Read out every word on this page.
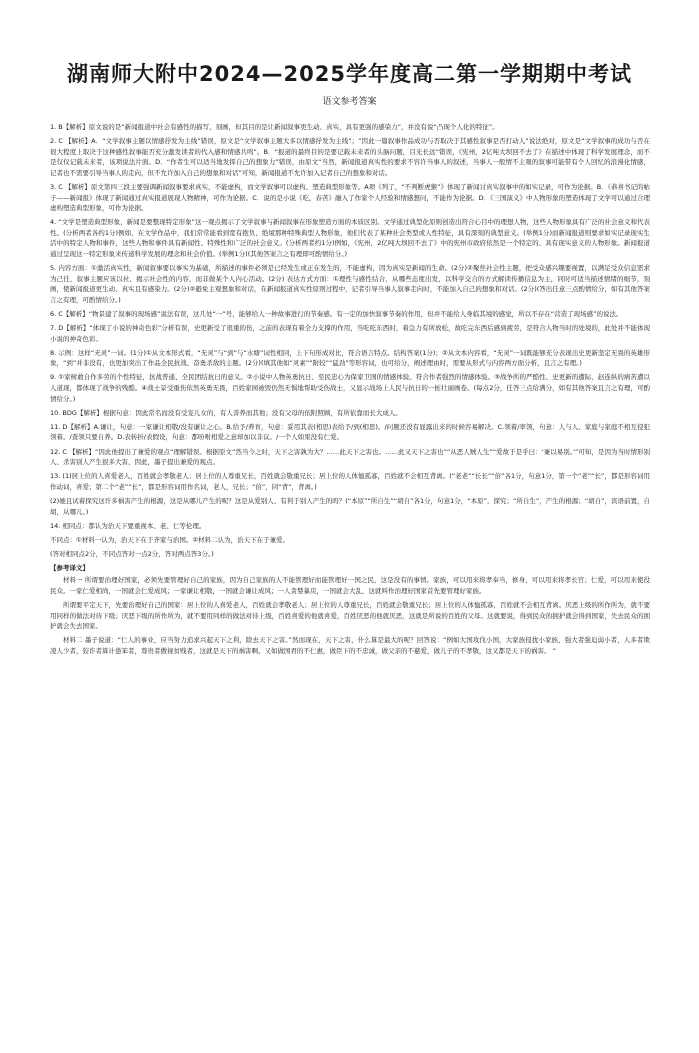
湖南师大附中2024—2025学年度高二第一学期期中考试
语文参考答案

1. B【解析】原文说的是“新闻报道中社会有感性的描写、刻画，但其目的是让新闻叙事更生动、真实，具有更强的感染力”，并没有说“凸现个人化的特征”。

2. C 【解析】A．“文学叙事主题以情感抒发为主线”错误，原文是“文学叙事主题大多以情感抒发为主线”；“因此一篇叙事作品成功与否取决于其感性叙事是否打动人”说法绝对，原文是“文学叙事的成功与否在很大程度上取决于这种感性叙事能否充分激发读者的代入感和情感共鸣”。B．“报道的最终目的是要记载未来者的头脑问题，目光长远”错误，《宪州，2亿吨大坝回不去了》在描述中体现了科学发展理念，而不是仅仅记载未来者，该项说法片面。D．“作者生可以适当地发挥自己的想象力”错误，由原文“当然，新闻报道真实性的要求不容许当事人的叙述，当事人一般情不主观的叙事可能带有个人回忆的浪漫化情感，记者也不需要引导当事人的走向，但不允许加入自己的想象和对话”可知，新闻报道不允许加入记者自己的想象和对话。

3. C 【解析】原文第四三段主要强调新闻叙事要求真实，不能虚构，而文学叙事可以虚构、塑造典型形象等。A项《列了，“不判断虎猴”》体现了新闻讨真实叙事中的如实记录，可作为论据。B．《恭喜书记的帖子——新闻报》体现了新闻通过真实报道展现人物精神，可作为论据。C．说的是小说《吃，春苦》融入了作家个人经验和情感想问，不能作为论据。D．《三国演义》中人物形象的塑造体现了文学可以通过合理虚构塑造典型形象，可作为论据。

4. “文学是塑造典型形象，新闻是要整现特定形象”这一观点揭示了文学叙事与新闻叙事在形象塑造方面的本质区别。文学通过典型化原则创造出符合心目中的理想人物，这些人物形象具有广泛的社会意义和代表性。(分析两者各约1分)例如，在文学作品中，我们常常能看到宽有抱负、绝境那种特殊典型人物形象，他们代表了某种社会类型或人性特征，具有深刻的典型意义。(举例1分)而新闻报道则要求如实记录现实生活中的特定人物和事件，这些人物和事件具有新闻性、特殊性和广泛的社会意义。(分析两者约1分)例如，《宪州，2亿吨大坝回不去了》中的宪州市政府依然是一个特定的、具有现实意义的人物形象。新闻报道通过呈现这一特定形象来传递科学发展的理念和社会价值。(举例1分)(其他答案言之有理即可酌情给分。)

5. 内容方面：①激活真实性，新闻叙事要以事实为基础，所描述的事件必须是已经发生或正在发生的，不能虚构，因为真实是新闻的生命。(2分)②聚焦社会性主题，把受众感兴趣要视置，以满足受众信息需求为己任，叙事主题应该以社、揭示社会性的内容，而非做某个人内心活动。(2分) 表达方式方面：①理性与感性结合，从哪些态度出发，以科学交合的方式解读传播信息为主，同时可适当描述情绪的细节，刻画，使新闻报道更生动、真实且有感染力。(2分)②避免主观想象和对话，在新闻报道真实性原则过程中，记者引导当事人叙事走向时，不能加入自己的想象和对话。(2分)(答出任意三点酌情给分，如有其他答案言之有理，可酌情给分。)

6. C【解析】“物景建了叙事的现场感”说法有误，这几处“一”号，能够给人一种故事进行的节奏感。有一定的加快叙事节奏的作用，但并不能给人身临其境的感觉，所以不存在“营造了现场感”的说法。

7. D【解析】“体现了小说的神奇色彩”分析有误，史更新受了很重的伤，之前的表现有着全力支撑的作用，当吃吃东西时，着急力有所放松，故吃完东西后感到疲劳，是符合人物当时的处境的，此处并不能体现小说的神奇色彩。

8. 示例：这样“无灵”一词。(1分)①从文本形式看，“无灵”与“到”与“水塘”词性相同，上下句形成对比，符合语言特点。结构答案(1分)；②从文本内容看，“无灵”一词既能够充分表现出史更新坚定无畏的英雄形象，“到”并非没有，也更加突出了作品全民抗战、奋勇杀敌的主题。(2分)(填其他如“灵素”“附较”“猛劲”等形容词，也可给分，阐述理由时，需要从形式与内容两方面分析，且言之有理。)

9. ①家树敢自作多劳的个性特征，抗战普通、全民团结抗日的意义。②小说中人物英勇抗日、至民忠心为保家卫国的情感体验。符合作者强烈的情感体验。③战争所的严酷性、史更新的遭际、赵连纵的病苦遭以人道现，都体现了战争的残酷。④战士景受重伤依然英勇无畏，百姓家园被毁仍然无惧地帮助受伤战士，又显示战场上人民与抗日的一桩壮丽画卷。(每点2分，任答三点给满分，如有其他答案且言之有理，可酌情给分。)

10. BDG【解析】根据句意：因此常名而没有受宠儿女的，有人善养而其他；没有父母的依附照顾，有所依靠而长大成人。

11. D【解析】A.谦让，句意：一家谦让相敬/没有谦让之心。B.给予/养育，句意：妥用其表(相思)表给予/到(相思)。/问题还没有显露出来的时候容易解决。C.领着/率领，句意：人与人、家庭与家庭不相互侵犯领着。/查领只要自养。D.表转折/表假设，句意：都吩咐相爱之意却加以非议。/一个人如果没有仁爱。

12. C 【解析】“因此他提出了兼爱的观点”理解错误。根据原文“然当今之时，天下之害孰为大？……此天下之害也。……此又天下之害也”“从恶人贼人生”“爱故于是乎曰：‘兼以易别。’”可知，是因为当时情形别人、杀害别人产生很多大害，因此，墨子提出兼爱的观点。

13. (1)居上位的人喜爱老人，百姓就会孝敬老人；居上位的人尊重兄长，百姓就会敬重兄长；居上位的人体恤孤寡，百姓就不会相互背离。(“老老”“长长”“倍”各1分，句意1分，第一个“老”“长”，都是形容词用作动词，喜爱；第二个“老”“长”，都是形容词用作名词，老人，兄长；“倍”，同“背”，背离。)

(2)她且试着探究这许多祸害产生的根源，这是从哪儿产生的呢？这是从爱别人、有利于别人产生的吗？(“本原”“所自生”“胡自”各1分，句意1分，“本原”，探究；“所自生”，产生的根源；“胡自”，宾语前置，自胡，从哪儿。)

14. 相同点：都认为治天下要重视本、老、仁等伦理。

不同点：①材料一认为，治天下在于齐家与治国。②材料二认为，治天下在于兼爱。

(答对相同点2分，不同点答对一点2分，答对两点答3分。)

【参考译文】

材料一 所谓要治理好国家，必须先要管理好自己的家族，因为自己家族的人不能管理好而能管理好一国之民，这是没有的事情。家族，可以用来将孝奉当，修身，可以用来将孝长官；仁爱，可以用来使役民众。一家仁爱相尚，一国就会仁爱成风；一家谦让相敬，一国就会谦让成风；一人贪婪暴戾，一国就会大乱，这就叫作治理好国家首先要管理好家族。

所谓要平定天下，先要治理好自己的国家：居上位的人喜爱老人，百姓就会孝敬老人；居上位的人尊重兄长，百姓就会敬重兄长；居上位的人体恤孤寡，百姓就不会相互背离。厌恶上级的所作所为，就不要用同样的做法对待下级；厌恶下级的所作所为，就不要用同样的做法对待上级，百姓喜爱的他就喜爱，百姓厌恶的他就厌恶，这就是所说的百姓的父母。这就要说，得到民众的拥护就会得到国家，失去民众的拥护就会失去国家。

材料二 墨子说道：“仁人的事业，应当努力追求兴起天下之利，除去天下之害。”然而现在，天下之害，什么算是最大的呢？回答说：“例如大国攻伐小国，大家族侵扰小家族，强大者强迫弱小者，人多者欺凌人少者，狡诈者算计愚笨者，尊贵者傲视贫贱者，这就是天下的祸害啊。又如做国君的不仁惠，做臣下的不忠诚，做父亲的不慈爱，做儿子的不孝敬，这又都是天下的祸害。 ”
